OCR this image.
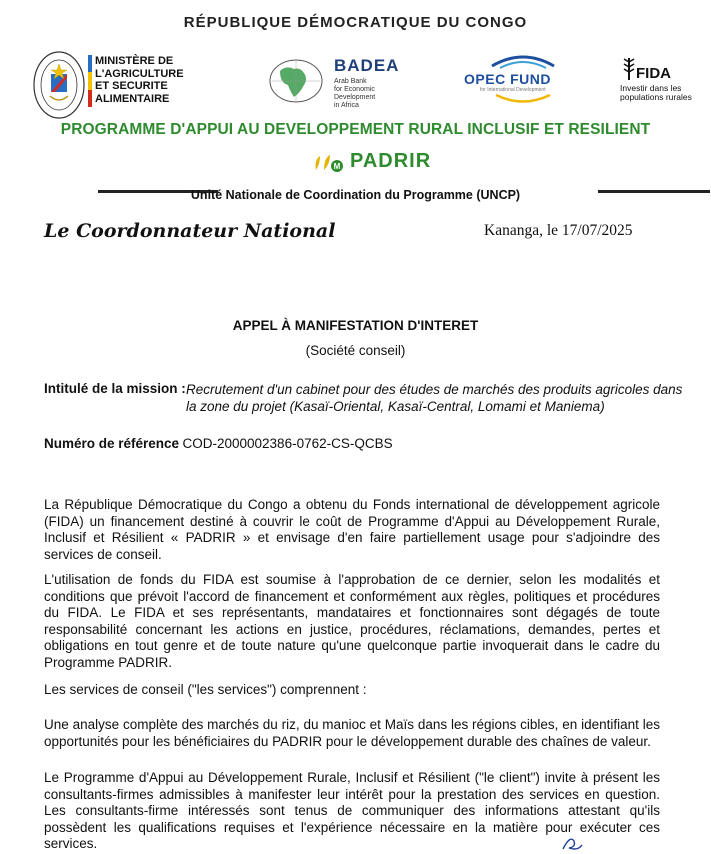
RÉPUBLIQUE DÉMOCRATIQUE DU CONGO
MINISTÈRE DE
L'AGRICULTURE
ET SECURITE
ALIMENTAIRE
BADEA
Arab Bank
for Economic
Development
in Africa
OPEC FUND
for International Development
FIDA
Investir dans les
populations rurales
PROGRAMME D'APPUI AU DEVELOPPEMENT RURAL INCLUSIF ET RESILIENT
M PADRIR
Unité Nationale de Coordination du Programme (UNCP)
Le Coordonnateur National	Kananga, le 17/07/2025
APPEL À MANIFESTATION D'INTERET
(Société conseil)
Intitulé de la mission : Recrutement d'un cabinet pour des études de marchés des produits agricoles dans la zone du projet (Kasaï-Oriental, Kasaï-Central, Lomami et Maniema)
Numéro de référence
: COD-2000002386-0762-CS-QCBS
La République Démocratique du Congo a obtenu du Fonds international de développement agricole (FIDA) un financement destiné à couvrir le coût de Programme d'Appui au Développement Rurale, Inclusif et Résilient « PADRIR » et envisage d'en faire partiellement usage pour s'adjoindre des services de conseil.
L'utilisation de fonds du FIDA est soumise à l'approbation de ce dernier, selon les modalités et conditions que prévoit l'accord de financement et conformément aux règles, politiques et procédures du FIDA. Le FIDA et ses représentants, mandataires et fonctionnaires sont dégagés de toute responsabilité concernant les actions en justice, procédures, réclamations, demandes, pertes et obligations en tout genre et de toute nature qu'une quelconque partie invoquerait dans le cadre du Programme PADRIR.
Les services de conseil ("les services") comprennent :
Une analyse complète des marchés du riz, du manioc et Maïs dans les régions cibles, en identifiant les opportunités pour les bénéficiaires du PADRIR pour le développement durable des chaînes de valeur.
Le Programme d'Appui au Développement Rurale, Inclusif et Résilient ("le client") invite à présent les consultants-firmes admissibles à manifester leur intérêt pour la prestation des services en question. Les consultants-firme intéressés sont tenus de communiquer des informations attestant qu'ils possèdent les qualifications requises et l'expérience nécessaire en la matière pour exécuter ces services.
